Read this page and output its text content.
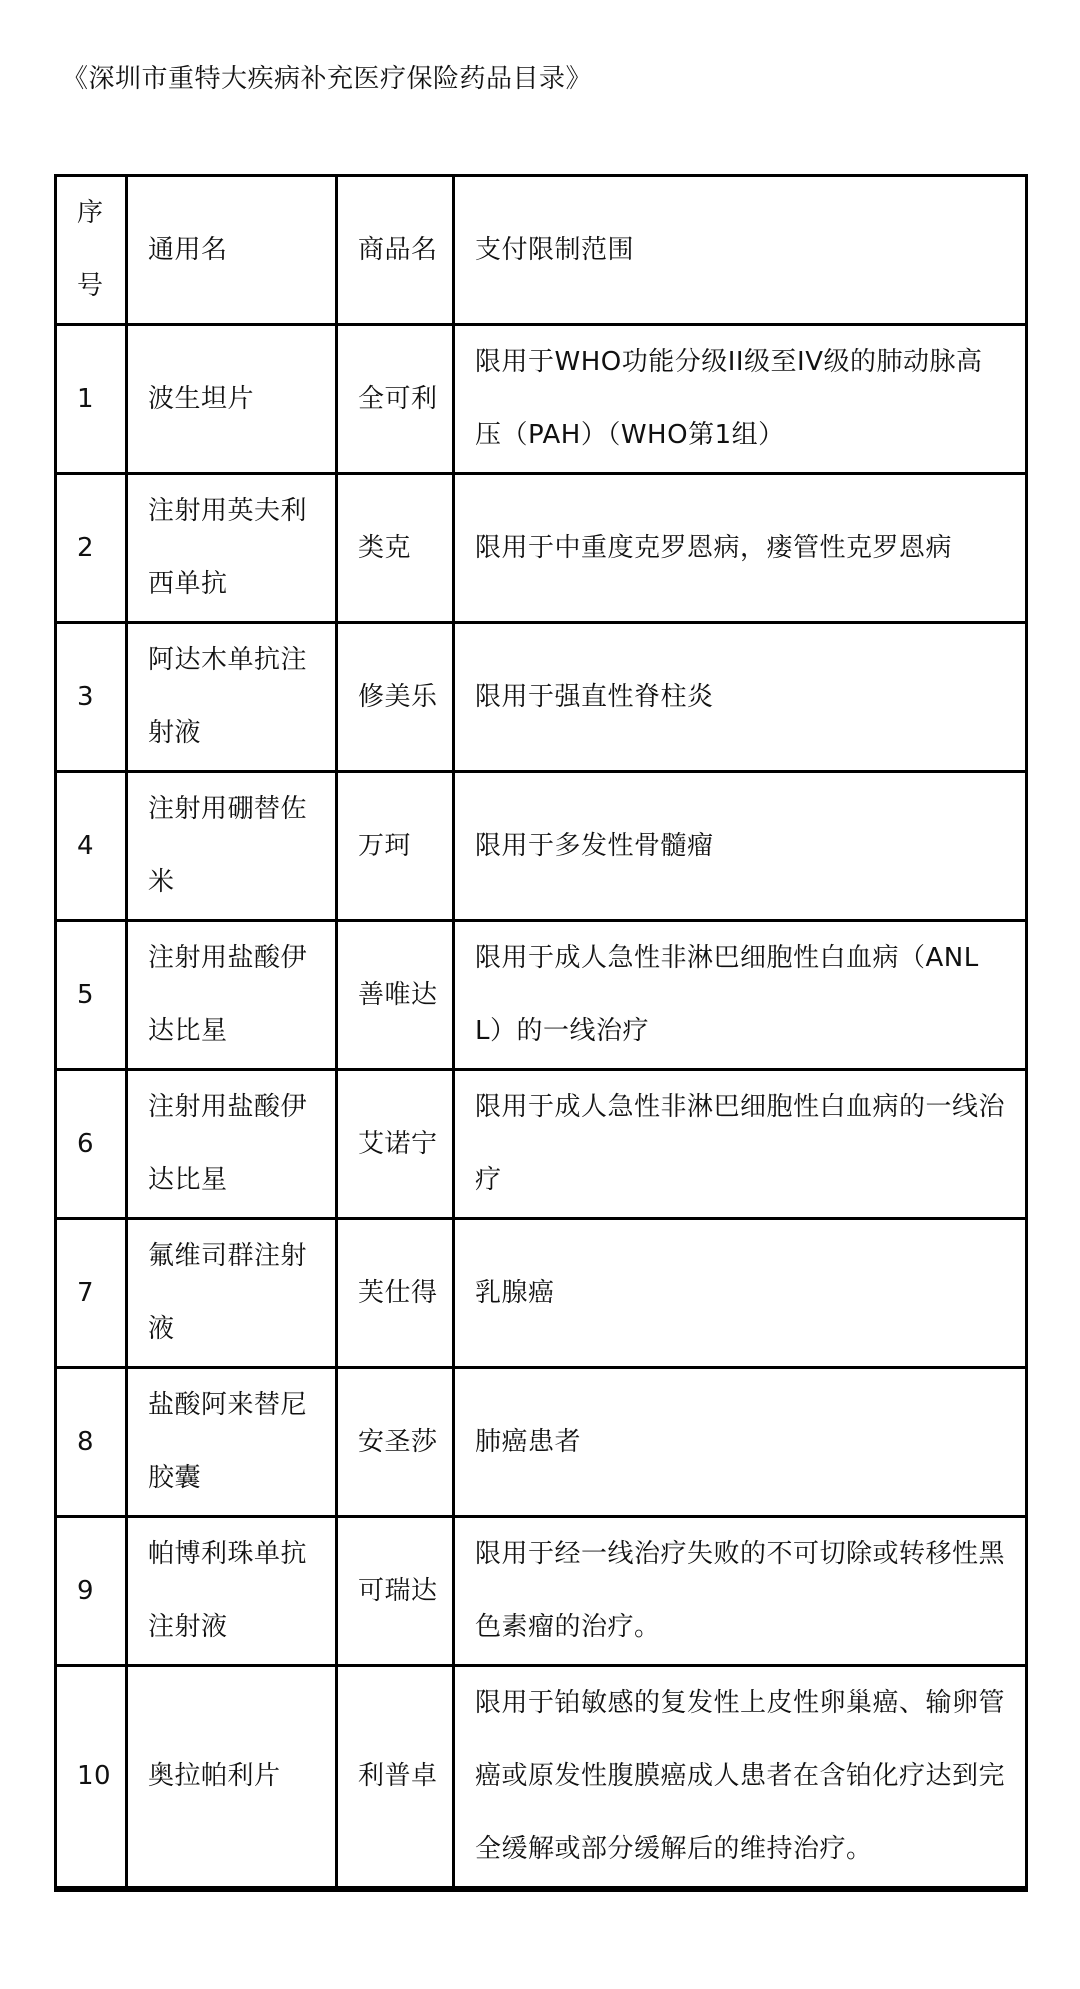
《深圳市重特大疾病补充医疗保险药品目录》
序号	通用名	商品名	支付限制范围
1	波生坦片	全可利	限用于WHO功能分级II级至IV级的肺动脉高压（PAH）（WHO第1组）
2	注射用英夫利西单抗	类克	限用于中重度克罗恩病，瘘管性克罗恩病
3	阿达木单抗注射液	修美乐	限用于强直性脊柱炎
4	注射用硼替佐米	万珂	限用于多发性骨髓瘤
5	注射用盐酸伊达比星	善唯达	限用于成人急性非淋巴细胞性白血病（ANLL）的一线治疗
6	注射用盐酸伊达比星	艾诺宁	限用于成人急性非淋巴细胞性白血病的一线治疗
7	氟维司群注射液	芙仕得	乳腺癌
8	盐酸阿来替尼胶囊	安圣莎	肺癌患者
9	帕博利珠单抗注射液	可瑞达	限用于经一线治疗失败的不可切除或转移性黑色素瘤的治疗。
10	奥拉帕利片	利普卓	限用于铂敏感的复发性上皮性卵巢癌、输卵管癌或原发性腹膜癌成人患者在含铂化疗达到完全缓解或部分缓解后的维持治疗。
